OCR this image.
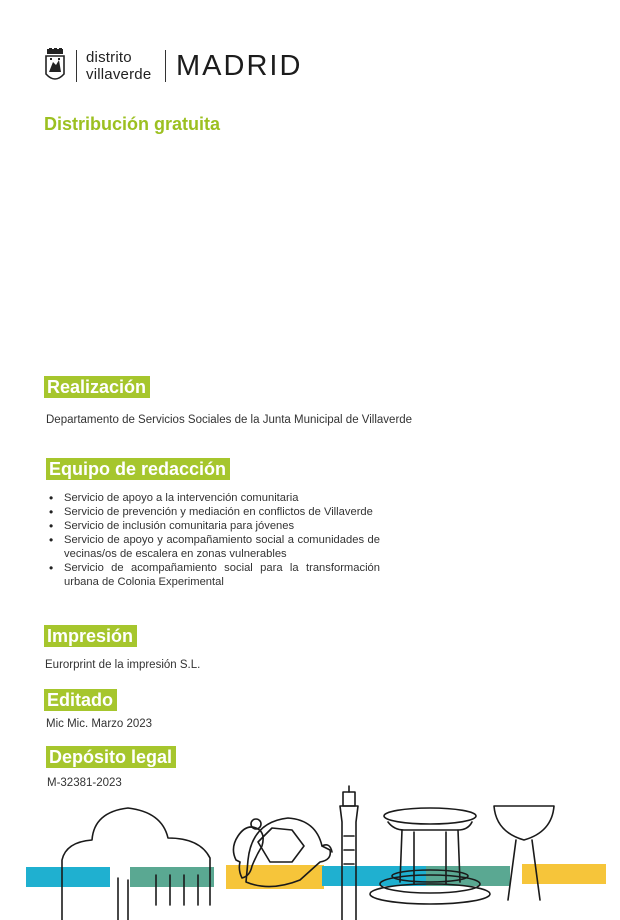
distrito
villaverde MADRID
Distribución gratuita
Realización
Departamento de Servicios Sociales de la Junta Municipal de Villaverde
Equipo de redacción
• Servicio de apoyo a la intervención comunitaria
• Servicio de prevención y mediación en conflictos de Villaverde
• Servicio de inclusión comunitaria para jóvenes
• Servicio de apoyo y acompañamiento social a comunidades de vecinas/os de escalera en zonas vulnerables
• Servicio de acompañamiento social para la transformación urbana de Colonia Experimental
Impresión
Eurorprint de la impresión S.L.
Editado
Mic Mic. Marzo 2023
Depósito legal
M-32381-2023
